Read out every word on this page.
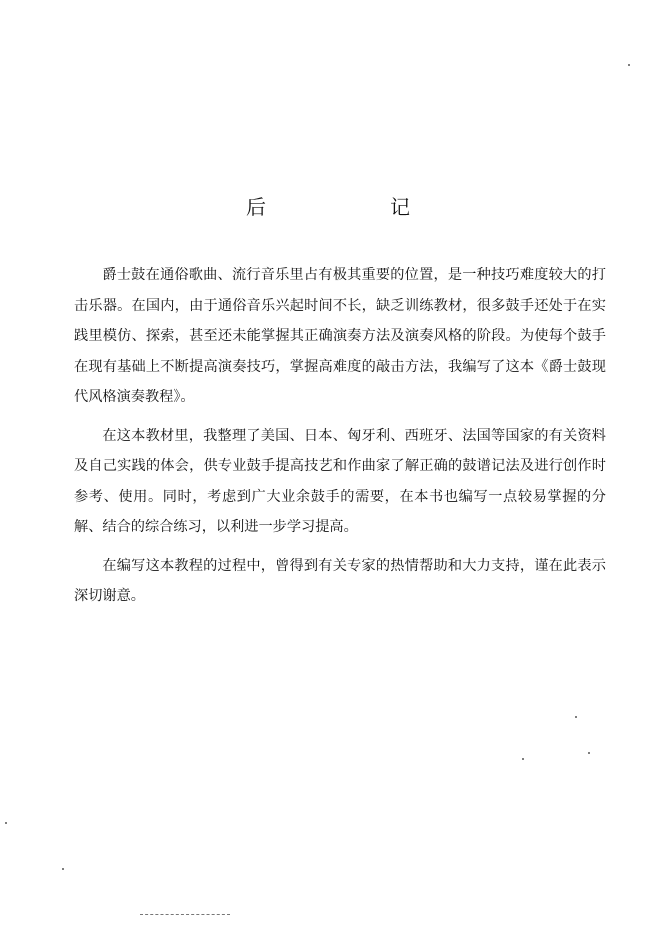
后　记

爵士鼓在通俗歌曲、流行音乐里占有极其重要的位置，是一种技巧难度较大的打击乐器。在国内，由于通俗音乐兴起时间不长，缺乏训练教材，很多鼓手还处于在实践里模仿、探索，甚至还未能掌握其正确演奏方法及演奏风格的阶段。为使每个鼓手在现有基础上不断提高演奏技巧，掌握高难度的敲击方法，我编写了这本《爵士鼓现代风格演奏教程》。

在这本教材里，我整理了美国、日本、匈牙利、西班牙、法国等国家的有关资料及自己实践的体会，供专业鼓手提高技艺和作曲家了解正确的鼓谱记法及进行创作时参考、使用。同时，考虑到广大业余鼓手的需要，在本书也编写一点较易掌握的分解、结合的综合练习，以利进一步学习提高。

在编写这本教程的过程中，曾得到有关专家的热情帮助和大力支持，谨在此表示深切谢意。
